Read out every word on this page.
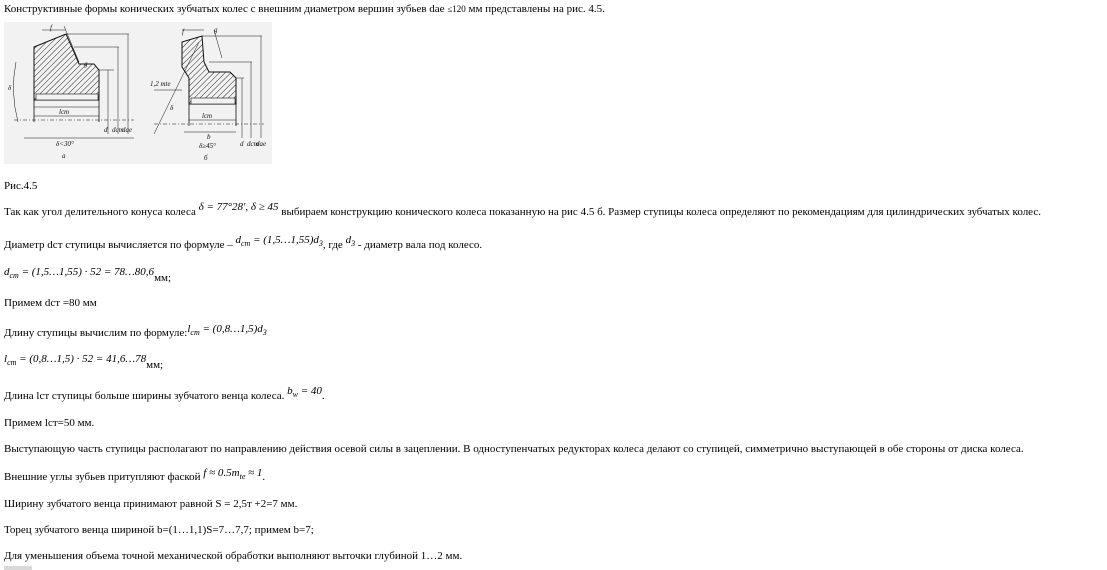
Конструктивные формы конических зубчатых колес с внешним диаметром вершин зубьев dae ≤120 мм представлены на рис. 4.5.
f
g
δ
lст
d dст
dае
δ<30°
а
f	g
1,2 mte
δ
lст
b
d dст
dае
δ≥45°
б
Рис.4.5
Так как угол делительного конуса колеса δ = 77°28', δ ≥ 45 выбираем конструкцию конического колеса показанную на рис 4.5 б. Размер ступицы колеса определяют по рекомендациям для цилиндрических зубчатых колес.
Диаметр dст ступицы вычисляется по формуле – $d_{ст}$ = $(1,5\dots 1,55)d_3$, где $d_3$ - диаметр вала под колесо.
$d_{ст}$ = (1,5…1,55) · 52 = 78…80,6мм;
Примем dст =80 мм
Длину ступицы вычислим по $формуле:l_{ст}$ = $(0,8\dots 1,5)d_3$
$l_{ст}$ = (0,8…1,5) · 52 = 41,6…78мм;
Длина lст ступицы больше ширины зубчатого венца колеса. $b_w = 40$.
Примем lст=50 мм.
Выступающую часть ступицы располагают по направлению действия осевой силы в зацеплении. В одноступенчатых редукторах колеса делают со ступицей, симметрично выступающей в обе стороны от диска колеса.
Внешние углы зубьев притупляют фаской $f \approx 0.5m_{te} \approx 1$.
Ширину зубчатого венца принимают равной S = 2,5т +2=7 мм.
Торец зубчатого венца шириной b=(1…1,1)S=7…7,7; примем b=7;
Для уменьшения объема точной механической обработки выполняют выточки глубиной 1…2 мм.
